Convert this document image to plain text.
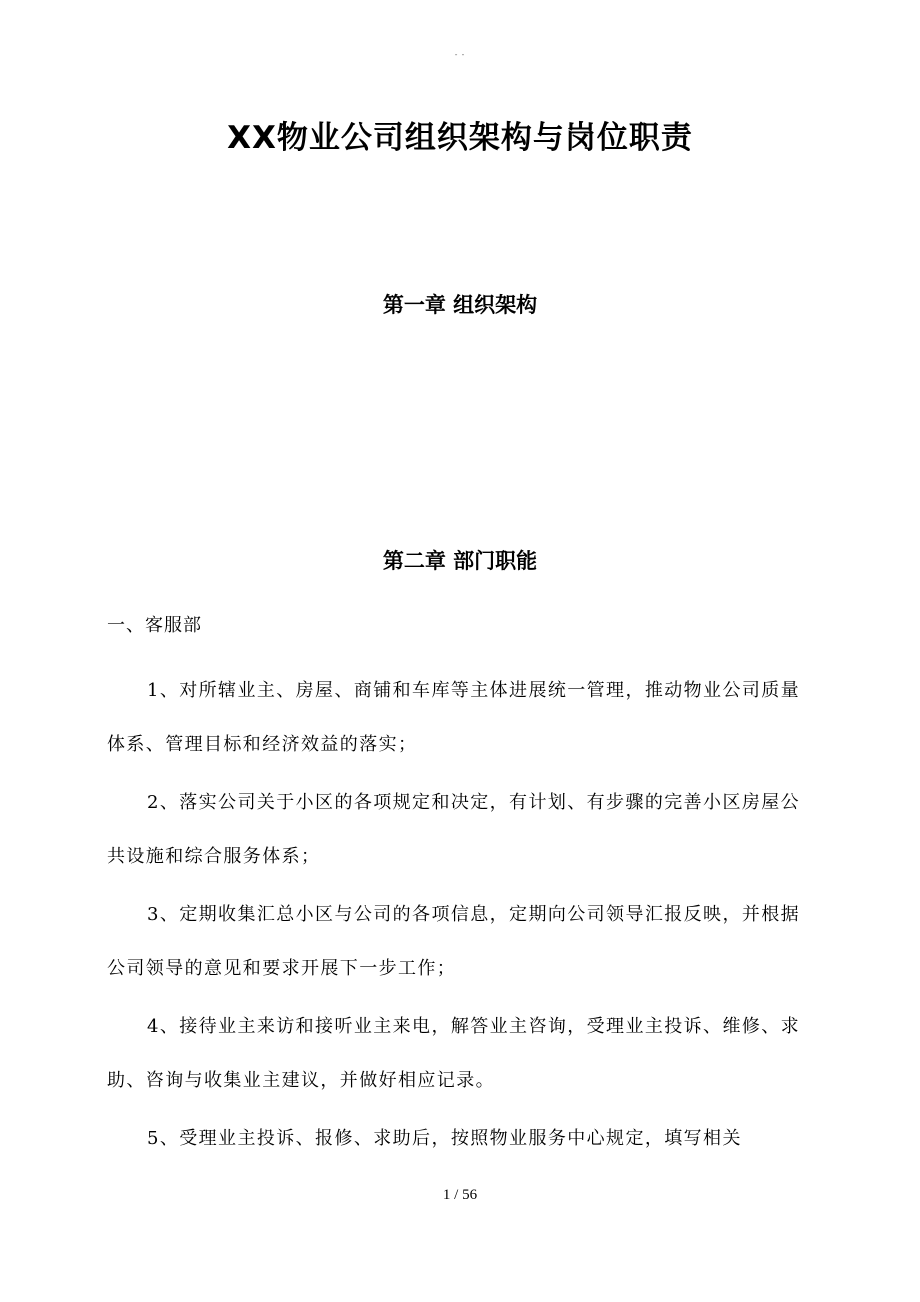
- -
XX物业公司组织架构与岗位职责
第一章 组织架构
第二章 部门职能
一、客服部

1、对所辖业主、房屋、商铺和车库等主体进展统一管理，推动物业公司质量体系、管理目标和经济效益的落实；

2、落实公司关于小区的各项规定和决定，有计划、有步骤的完善小区房屋公共设施和综合服务体系；

3、定期收集汇总小区与公司的各项信息，定期向公司领导汇报反映，并根据公司领导的意见和要求开展下一步工作；

4、接待业主来访和接听业主来电，解答业主咨询，受理业主投诉、维修、求助、咨询与收集业主建议，并做好相应记录。

5、受理业主投诉、报修、求助后，按照物业服务中心规定，填写相关

1 / 56
